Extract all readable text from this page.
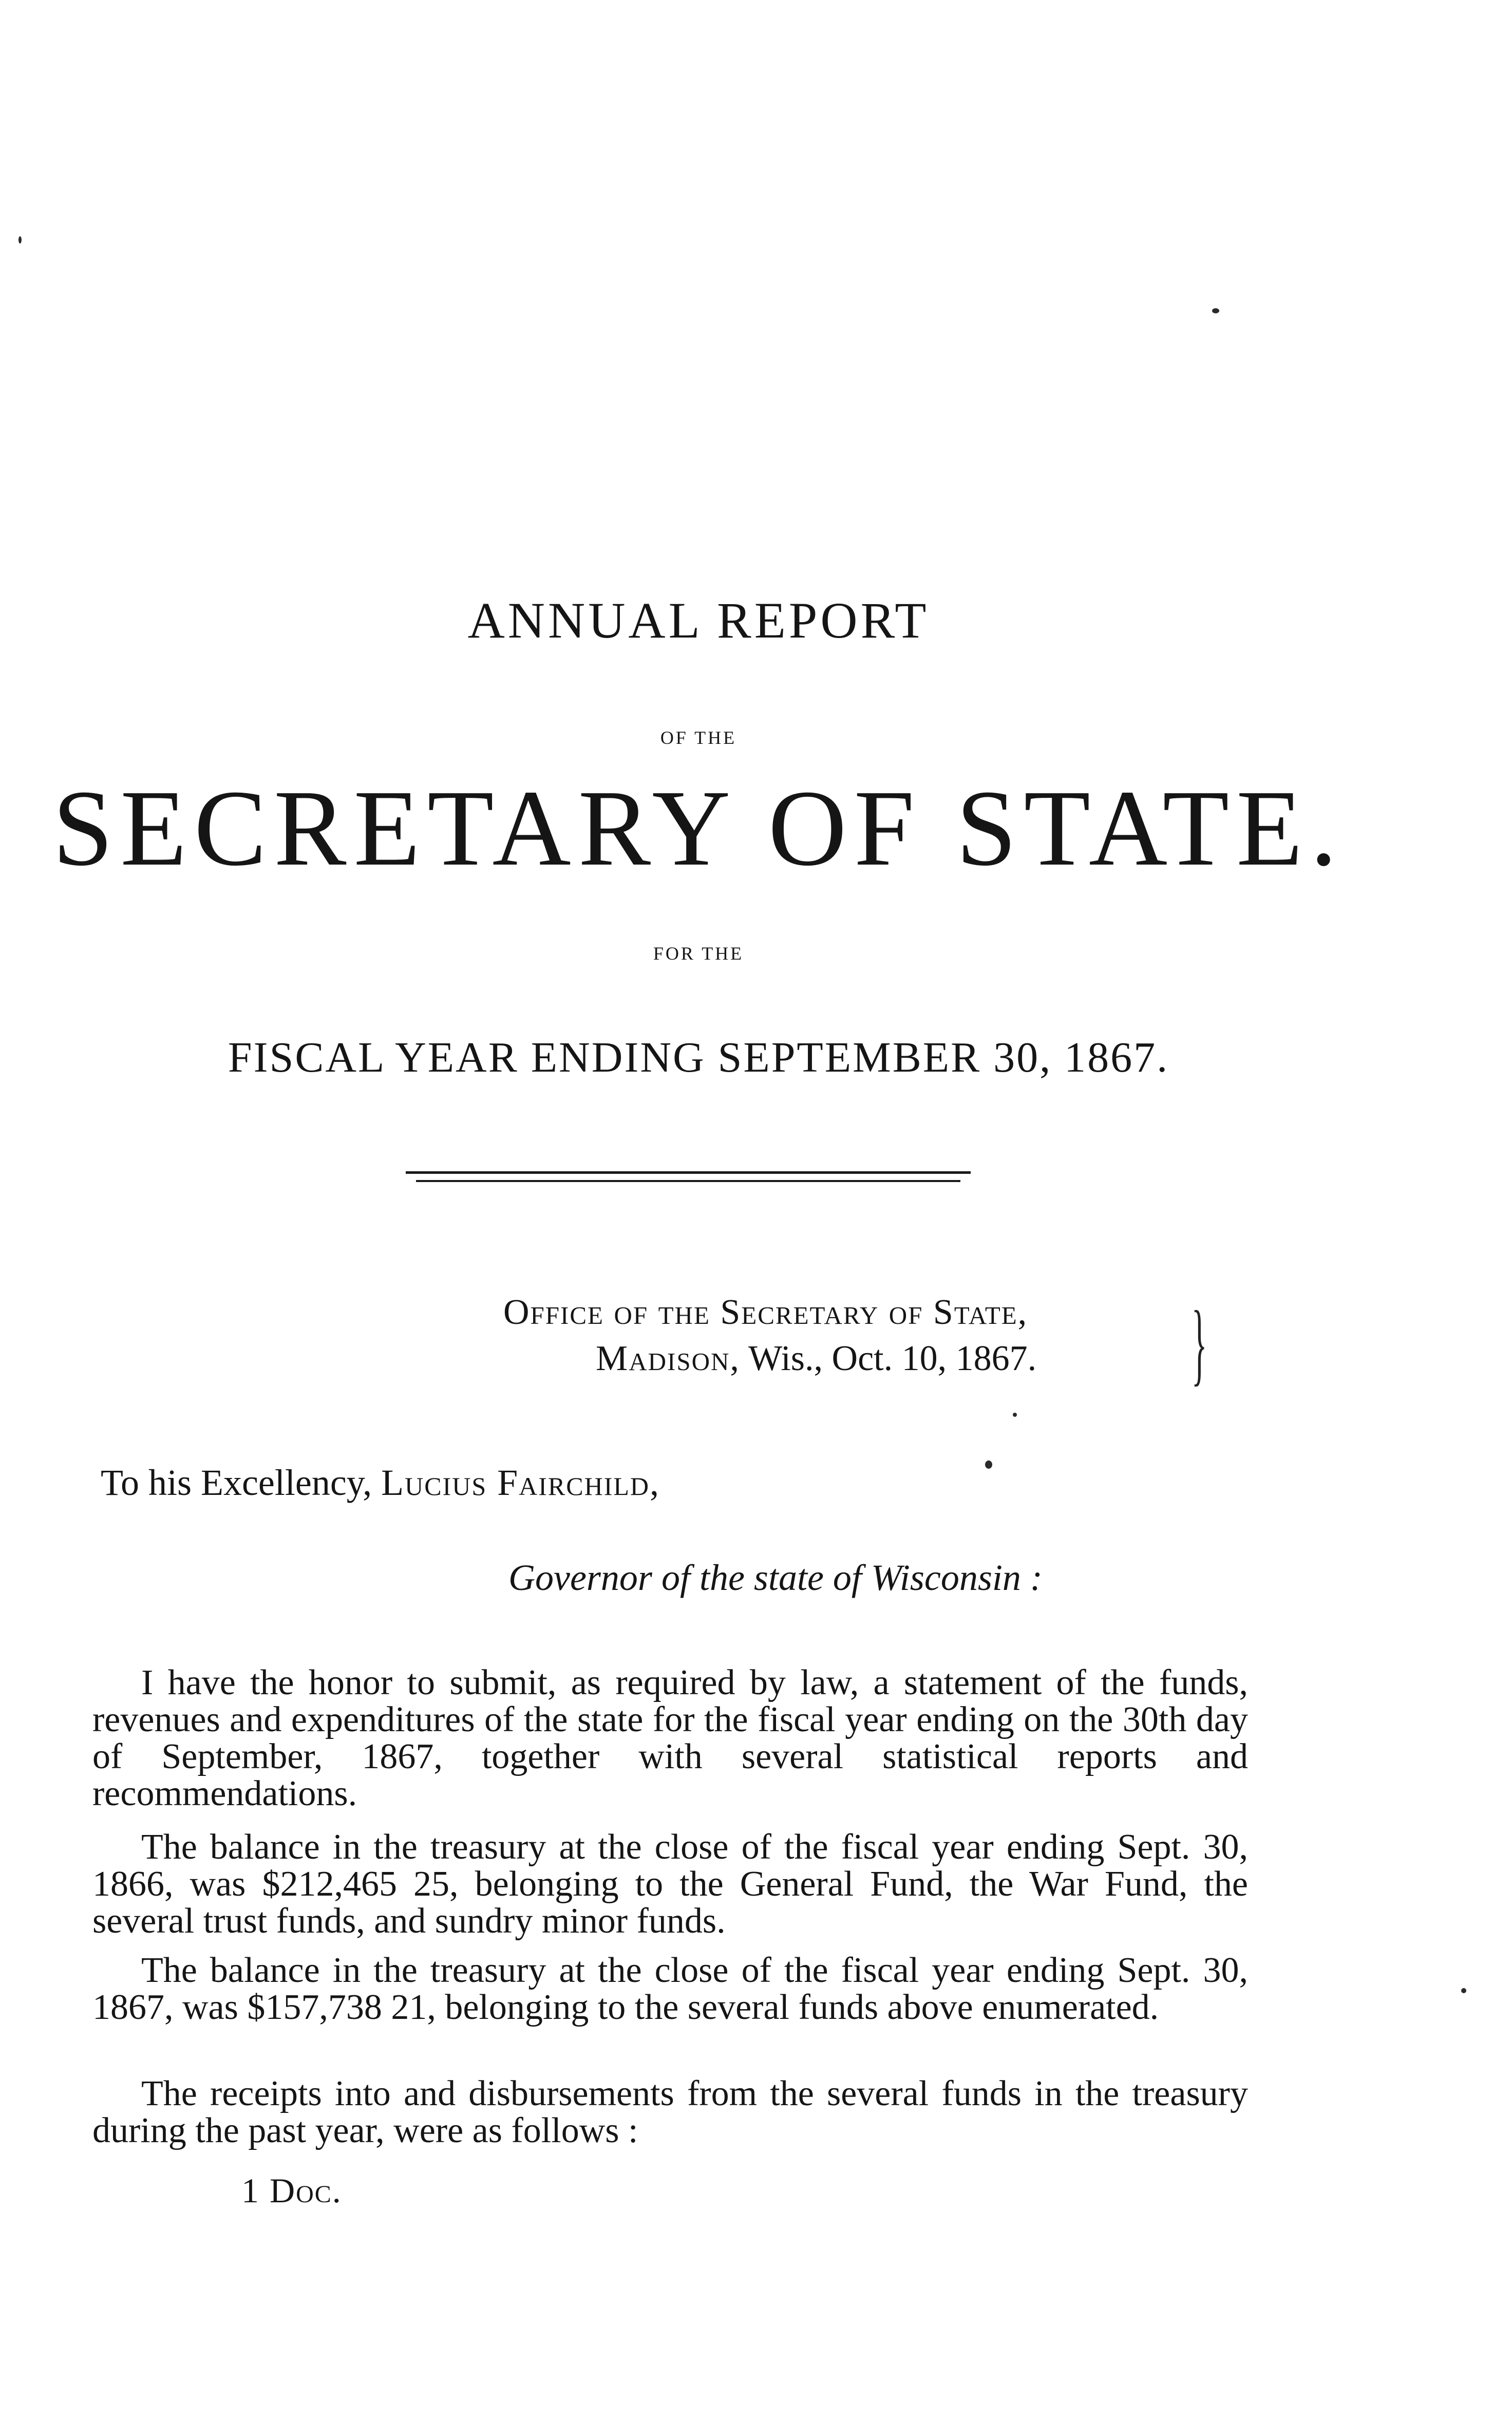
ANNUAL REPORT
OF THE
SECRETARY OF STATE.
FOR THE
FISCAL YEAR ENDING SEPTEMBER 30, 1867.
Office of the Secretary of State,
Madison, Wis., Oct. 10, 1867. }
To his Excellency, Lucius Fairchild,
Governor of the state of Wisconsin :
I have the honor to submit, as required by law, a statement of the funds, revenues and expenditures of the state for the fiscal year ending on the 30th day of September, 1867, together with several statistical reports and recommendations.
The balance in the treasury at the close of the fiscal year ending Sept. 30, 1866, was $212,465 25, belonging to the General Fund, the War Fund, the several trust funds, and sundry minor funds.
The balance in the treasury at the close of the fiscal year ending Sept. 30, 1867, was $157,738 21, belonging to the several funds above enumerated.
The receipts into and disbursements from the several funds in the treasury during the past year, were as follows :
1 Doc.
